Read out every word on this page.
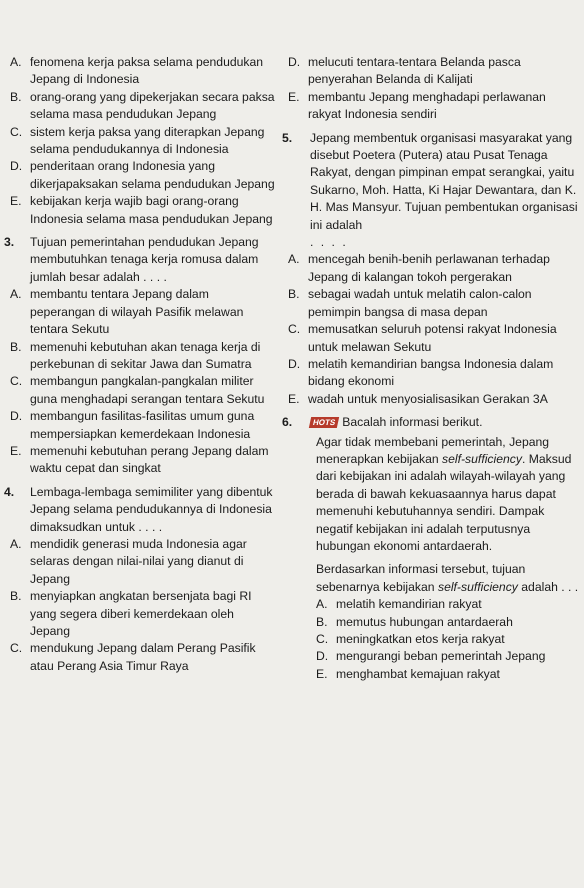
A. fenomena kerja paksa selama pendudukan Jepang di Indonesia
B. orang-orang yang dipekerjakan secara paksa selama masa pendudukan Jepang
C. sistem kerja paksa yang diterapkan Jepang selama pendudukannya di Indonesia
D. penderitaan orang Indonesia yang dikerjapaksakan selama pendudukan Jepang
E. kebijakan kerja wajib bagi orang-orang Indonesia selama masa pendudukan Jepang
3.	Tujuan pemerintahan pendudukan Jepang membutuhkan tenaga kerja romusa dalam jumlah besar adalah . . . .
A. membantu tentara Jepang dalam peperangan di wilayah Pasifik melawan tentara Sekutu
B. memenuhi kebutuhan akan tenaga kerja di perkebunan di sekitar Jawa dan Sumatra
C. membangun pangkalan-pangkalan militer guna menghadapi serangan tentara Sekutu
D. membangun fasilitas-fasilitas umum guna mempersiapkan kemerdekaan Indonesia
E. memenuhi kebutuhan perang Jepang dalam waktu cepat dan singkat
4.	Lembaga-lembaga semimiliter yang dibentuk Jepang selama pendudukannya di Indonesia dimaksudkan untuk . . . .
A. mendidik generasi muda Indonesia agar selaras dengan nilai-nilai yang dianut di Jepang
B. menyiapkan angkatan bersenjata bagi RI yang segera diberi kemerdekaan oleh Jepang
C. mendukung Jepang dalam Perang Pasifik atau Perang Asia Timur Raya
D. melucuti tentara-tentara Belanda pasca penyerahan Belanda di Kalijati
E. membantu Jepang menghadapi perlawanan rakyat Indonesia sendiri
5.	Jepang membentuk organisasi masyarakat yang disebut Poetera (Putera) atau Pusat Tenaga Rakyat, dengan pimpinan empat serangkai, yaitu Sukarno, Moh. Hatta, Ki Hajar Dewantara, dan K. H. Mas Mansyur. Tujuan pembentukan organisasi ini adalah
. . . .
A. mencegah benih-benih perlawanan terhadap Jepang di kalangan tokoh pergerakan
B. sebagai wadah untuk melatih calon-calon pemimpin bangsa di masa depan
C. memusatkan seluruh potensi rakyat Indonesia untuk melawan Sekutu
D. melatih kemandirian bangsa Indonesia dalam bidang ekonomi
E. wadah untuk menyosialisasikan Gerakan 3A
6.	HOTS Bacalah informasi berikut.
Agar tidak membebani pemerintah, Jepang menerapkan kebijakan self-sufficiency. Maksud dari kebijakan ini adalah wilayah-wilayah yang berada di bawah kekuasaannya harus dapat memenuhi kebutuhannya sendiri. Dampak negatif kebijakan ini adalah terputusnya hubungan ekonomi antardaerah.
Berdasarkan informasi tersebut, tujuan sebenarnya kebijakan self-sufficiency adalah . . .
A. melatih kemandirian rakyat
B. memutus hubungan antardaerah
C. meningkatkan etos kerja rakyat
D. mengurangi beban pemerintah Jepang
E. menghambat kemajuan rakyat
